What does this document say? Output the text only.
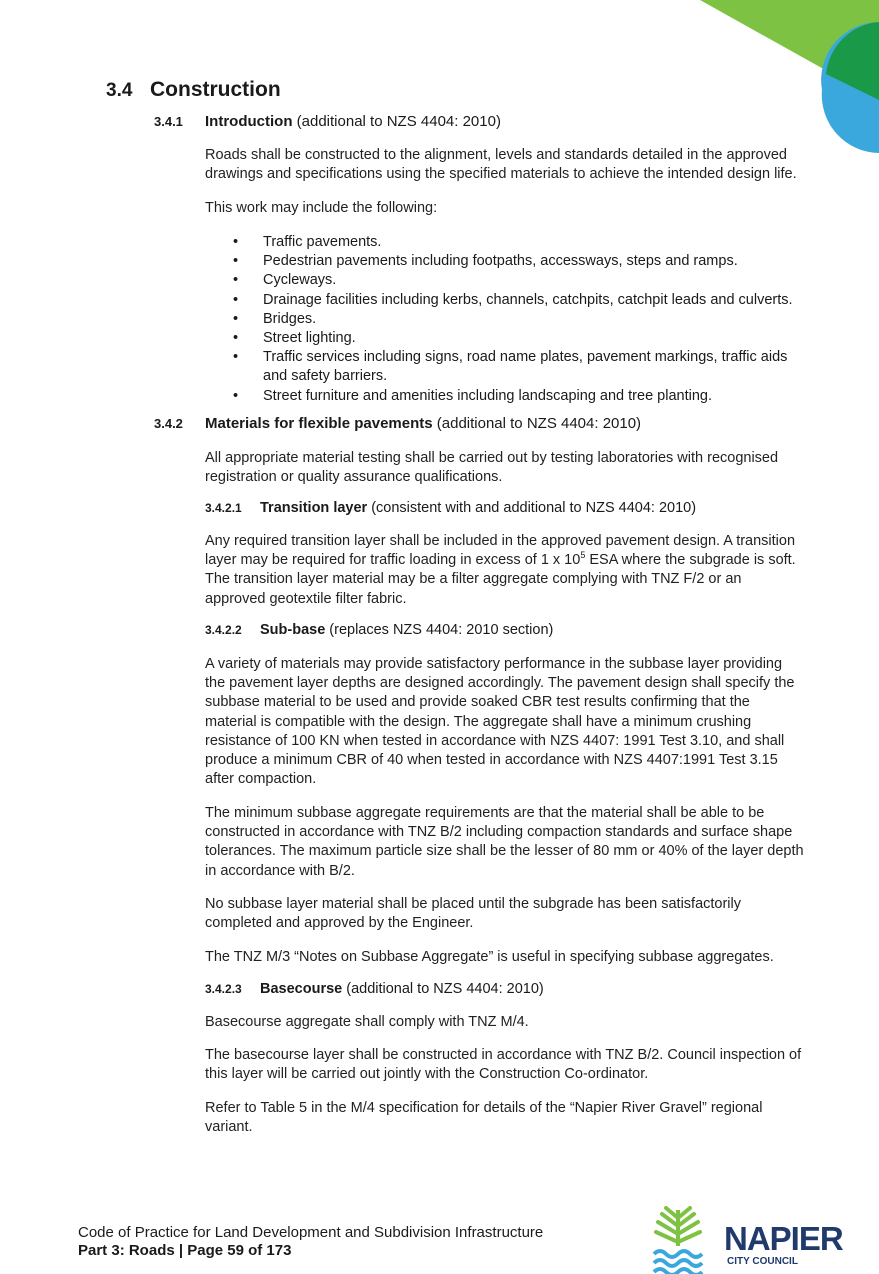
3.4 Construction
3.4.1 Introduction (additional to NZS 4404: 2010)
Roads shall be constructed to the alignment, levels and standards detailed in the approved drawings and specifications using the specified materials to achieve the intended design life.
This work may include the following:
• Traffic pavements.
• Pedestrian pavements including footpaths, accessways, steps and ramps.
• Cycleways.
• Drainage facilities including kerbs, channels, catchpits, catchpit leads and culverts.
• Bridges.
• Street lighting.
• Traffic services including signs, road name plates, pavement markings, traffic aids and safety barriers.
• Street furniture and amenities including landscaping and tree planting.
3.4.2 Materials for flexible pavements (additional to NZS 4404: 2010)
All appropriate material testing shall be carried out by testing laboratories with recognised registration or quality assurance qualifications.
3.4.2.1 Transition layer (consistent with and additional to NZS 4404: 2010)
Any required transition layer shall be included in the approved pavement design. A transition layer may be required for traffic loading in excess of 1 x $10^5$ ESA where the subgrade is soft. The transition layer material may be a filter aggregate complying with TNZ F/2 or an approved geotextile filter fabric.
3.4.2.2 Sub-base (replaces NZS 4404: 2010 section)
A variety of materials may provide satisfactory performance in the subbase layer providing the pavement layer depths are designed accordingly. The pavement design shall specify the subbase material to be used and provide soaked CBR test results confirming that the material is compatible with the design. The aggregate shall have a minimum crushing resistance of 100 KN when tested in accordance with NZS 4407: 1991 Test 3.10, and shall produce a minimum CBR of 40 when tested in accordance with NZS 4407:1991 Test 3.15 after compaction.
The minimum subbase aggregate requirements are that the material shall be able to be constructed in accordance with TNZ B/2 including compaction standards and surface shape tolerances. The maximum particle size shall be the lesser of 80 mm or 40% of the layer depth in accordance with B/2.
No subbase layer material shall be placed until the subgrade has been satisfactorily completed and approved by the Engineer.
The TNZ M/3 “Notes on Subbase Aggregate” is useful in specifying subbase aggregates.
3.4.2.3 Basecourse (additional to NZS 4404: 2010)
Basecourse aggregate shall comply with TNZ M/4.
The basecourse layer shall be constructed in accordance with TNZ B/2. Council inspection of this layer will be carried out jointly with the Construction Co-ordinator.
Refer to Table 5 in the M/4 specification for details of the “Napier River Gravel” regional variant.
Code of Practice for Land Development and Subdivision Infrastructure
Part 3: Roads | Page 59 of 173	NAPIER
CITY COUNCIL
